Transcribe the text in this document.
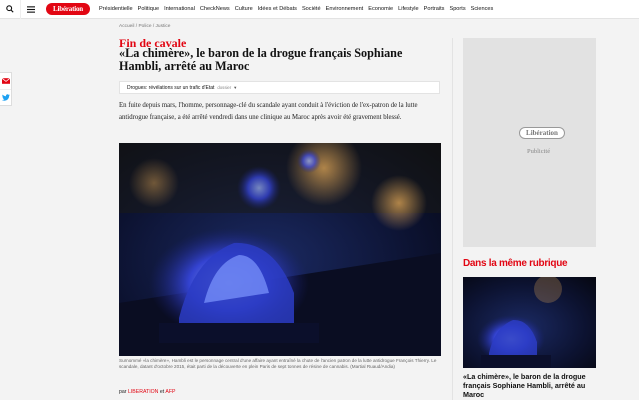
Libération	Présidentielle Politique International CheckNews Culture Idées et Débats Société Environnement Economie Lifestyle Portraits Sports Sciences
Accueil / Police / Justice
Fin de cavale
«La chimère», le baron de la drogue français Sophiane Hambli, arrêté au Maroc
Drogues: révélations sur un trafic d'Etat dossier ▼

En fuite depuis mars, l'homme, personnage-clé du scandale ayant conduit à l'éviction de l'ex-patron de la lutte antidrogue française, a été arrêté vendredi dans une clinique au Maroc après avoir été gravement blessé.

Surnommé «la chimère», Hambli est le personnage central d'une affaire ayant entraîné la chute de l'ancien patron de la lutte antidrogue François Thierry. Le scandale, datant d'octobre 2015, était parti de la découverte en plein Paris de sept tonnes de résine de cannabis. (Martial Ruaud/Andia)

par LIBERATION et AFP
Libération
Publicité
Dans la même rubrique
«La chimère», le baron de la drogue français Sophiane Hambli, arrêté au Maroc
